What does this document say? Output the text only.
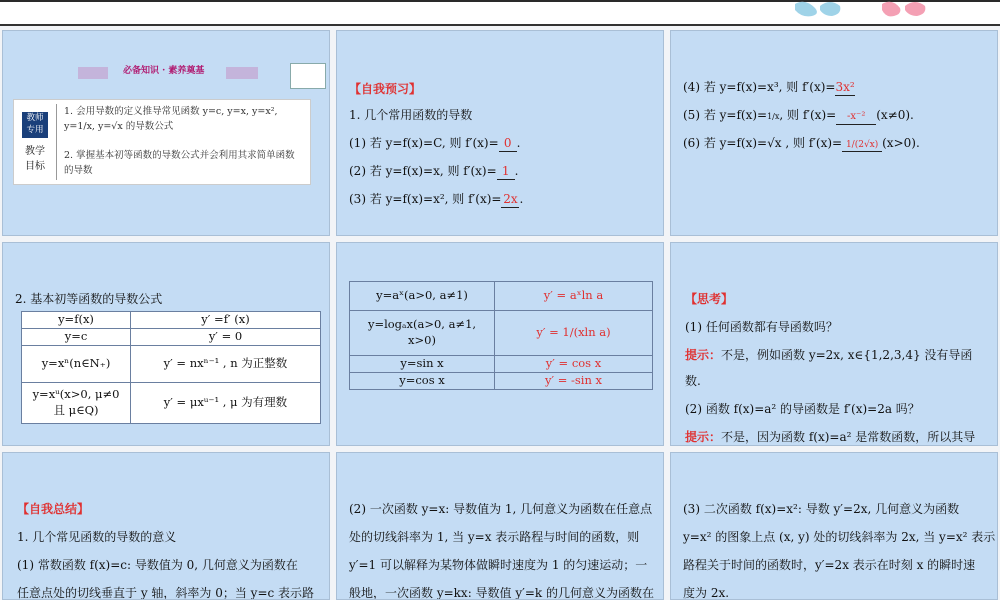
必备知识 · 素养奠基
教师
专用
教学
目标
1. 会用导数的定义推导常见函数 y=c, y=x, y=x², y=1/x, y=√x 的导数公式
2. 掌握基本初等函数的导数公式并会利用其求简单函数的导数
【自我预习】
1. 几个常用函数的导数
(1) 若 y=f(x)=C, 则 f′(x)= 0 .
(2) 若 y=f(x)=x, 则 f′(x)= 1 .
(3) 若 y=f(x)=x², 则 f′(x)= 2x .
(4) 若 y=f(x)=x³, 则 f′(x)=3x²
(5) 若 y=f(x)=1/x, 则 f′(x)= -x⁻² (x≠0).
(6) 若 y=f(x)=√x , 则 f′(x)= 1/(2√x) (x>0).
2. 基本初等函数的导数公式
y=f(x)	y′ =f′ (x)
y=c	y′ = 0
y=xⁿ(n∈N₊)	y′ = nxⁿ⁻¹ , n 为正整数
y=xᵘ(x>0, μ≠0 且 μ∈Q)	y′ = μxᵘ⁻¹ , μ 为有理数
y=aˣ(a>0, a≠1)	y′ = aˣln a
y=logₐx(a>0, a≠1, x>0)	y′ = 1/(xln a)
y=sin x	y′ = cos x
y=cos x	y′ = -sin x
【思考】
(1) 任何函数都有导函数吗？
提示：不是，例如函数 y=2x, x∈{1,2,3,4} 没有导函
数.
(2) 函数 f(x)=a² 的导函数是 f′(x)=2a 吗？
提示：不是，因为函数 f(x)=a² 是常数函数，所以其导
【自我总结】
1. 几个常见函数的导数的意义
(1) 常数函数 f(x)=c: 导数值为 0, 几何意义为函数在
任意点处的切线垂直于 y 轴，斜率为 0；当 y=c 表示路
(2) 一次函数 y=x: 导数值为 1, 几何意义为函数在任意点
处的切线斜率为 1, 当 y=x 表示路程与时间的函数，则
y′=1 可以解释为某物体做瞬时速度为 1 的匀速运动；一
般地，一次函数 y=kx: 导数值 y′=k 的几何意义为函数在
(3) 二次函数 f(x)=x²: 导数 y′=2x, 几何意义为函数
y=x² 的图象上点 (x, y) 处的切线斜率为 2x, 当 y=x² 表示
路程关于时间的函数时，y′=2x 表示在时刻 x 的瞬时速
度为 2x.
